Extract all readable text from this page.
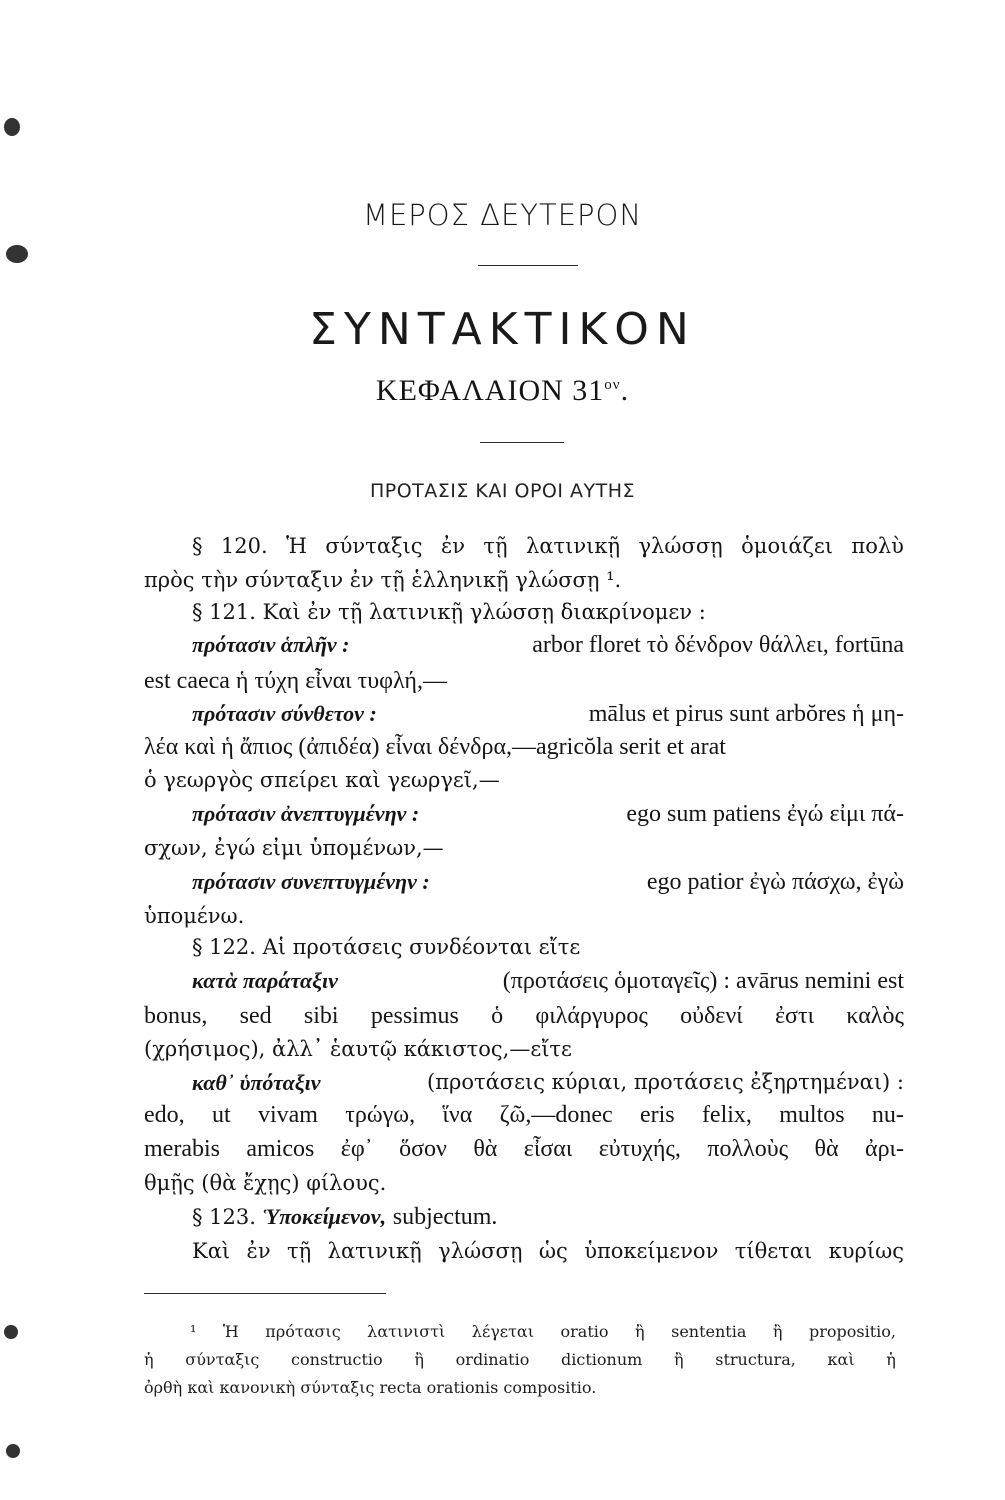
ΜΕΡΟΣ ΔΕΥΤΕΡΟΝ
ΣΥΝΤΑΚΤΙΚΟΝ
ΚΕΦΑΛΑΙΟΝ $31^{o\nu}$.
ΠΡΟΤΑΣΙΣ ΚΑΙ ΟΡΟΙ ΑΥΤΗΣ
§ 120. Ἡ σύνταξις ἐν τῇ λατινικῇ γλώσσῃ ὁμοιάζει πολὺ
πρὸς τὴν σύνταξιν ἐν τῇ ἑλληνικῇ γλώσσῃ ¹.
§ 121. Καὶ ἐν τῇ λατινικῇ γλώσσῃ διακρίνομεν :
πρότασιν ἁπλῆν :	arbor floret τὸ δένδρον θάλλει, fortūna
est caeca ἡ τύχη εἶναι τυφλή,—
πρότασιν σύνθετον :	mālus et pirus sunt arbŏres ἡ μη-
λέα καὶ ἡ ἄπιος (ἀπιδέα) εἶναι δένδρα,—agricŏla serit et arat
ὁ γεωργὸς σπείρει καὶ γεωργεῖ,—
πρότασιν ἀνεπτυγμένην :	ego sum patiens ἐγώ εἰμι πά-
σχων, ἐγώ εἰμι ὑπομένων,—
πρότασιν συνεπτυγμένην :	ego patior ἐγὼ πάσχω, ἐγὼ
ὑπομένω.
§ 122. Αἱ προτάσεις συνδέονται εἴτε
κατὰ παράταξιν	(προτάσεις ὁμοταγεῖς) : avārus nemini est
bonus, sed sibi pessimus ὁ φιλάργυρος οὐδενί ἐστι καλὸς
(χρήσιμος), ἀλλ᾽ ἑαυτῷ κάκιστος,—εἴτε
καθ᾽ ὑπόταξιν	(προτάσεις κύριαι, προτάσεις ἐξηρτημέναι) :
edo, ut vivam τρώγω, ἵνα ζῶ,—donec eris felix, multos nu-
merabis amicos ἐφ᾽ ὅσον θὰ εἶσαι εὐτυχής, πολλοὺς θὰ ἀρι-
θμῇς (θὰ ἔχῃς) φίλους.
§ 123. Ὑποκείμενον, subjectum.
Καὶ ἐν τῇ λατινικῇ γλώσσῃ ὡς ὑποκείμενον τίθεται κυρίως
¹ Ἡ πρότασις λατινιστὶ λέγεται oratio ἢ sententia ἢ propositio,
ἡ σύνταξις constructio ἢ ordinatio dictionum ἢ structura, καὶ ἡ
ὀρθὴ καὶ κανονικὴ σύνταξις recta orationis compositio.
